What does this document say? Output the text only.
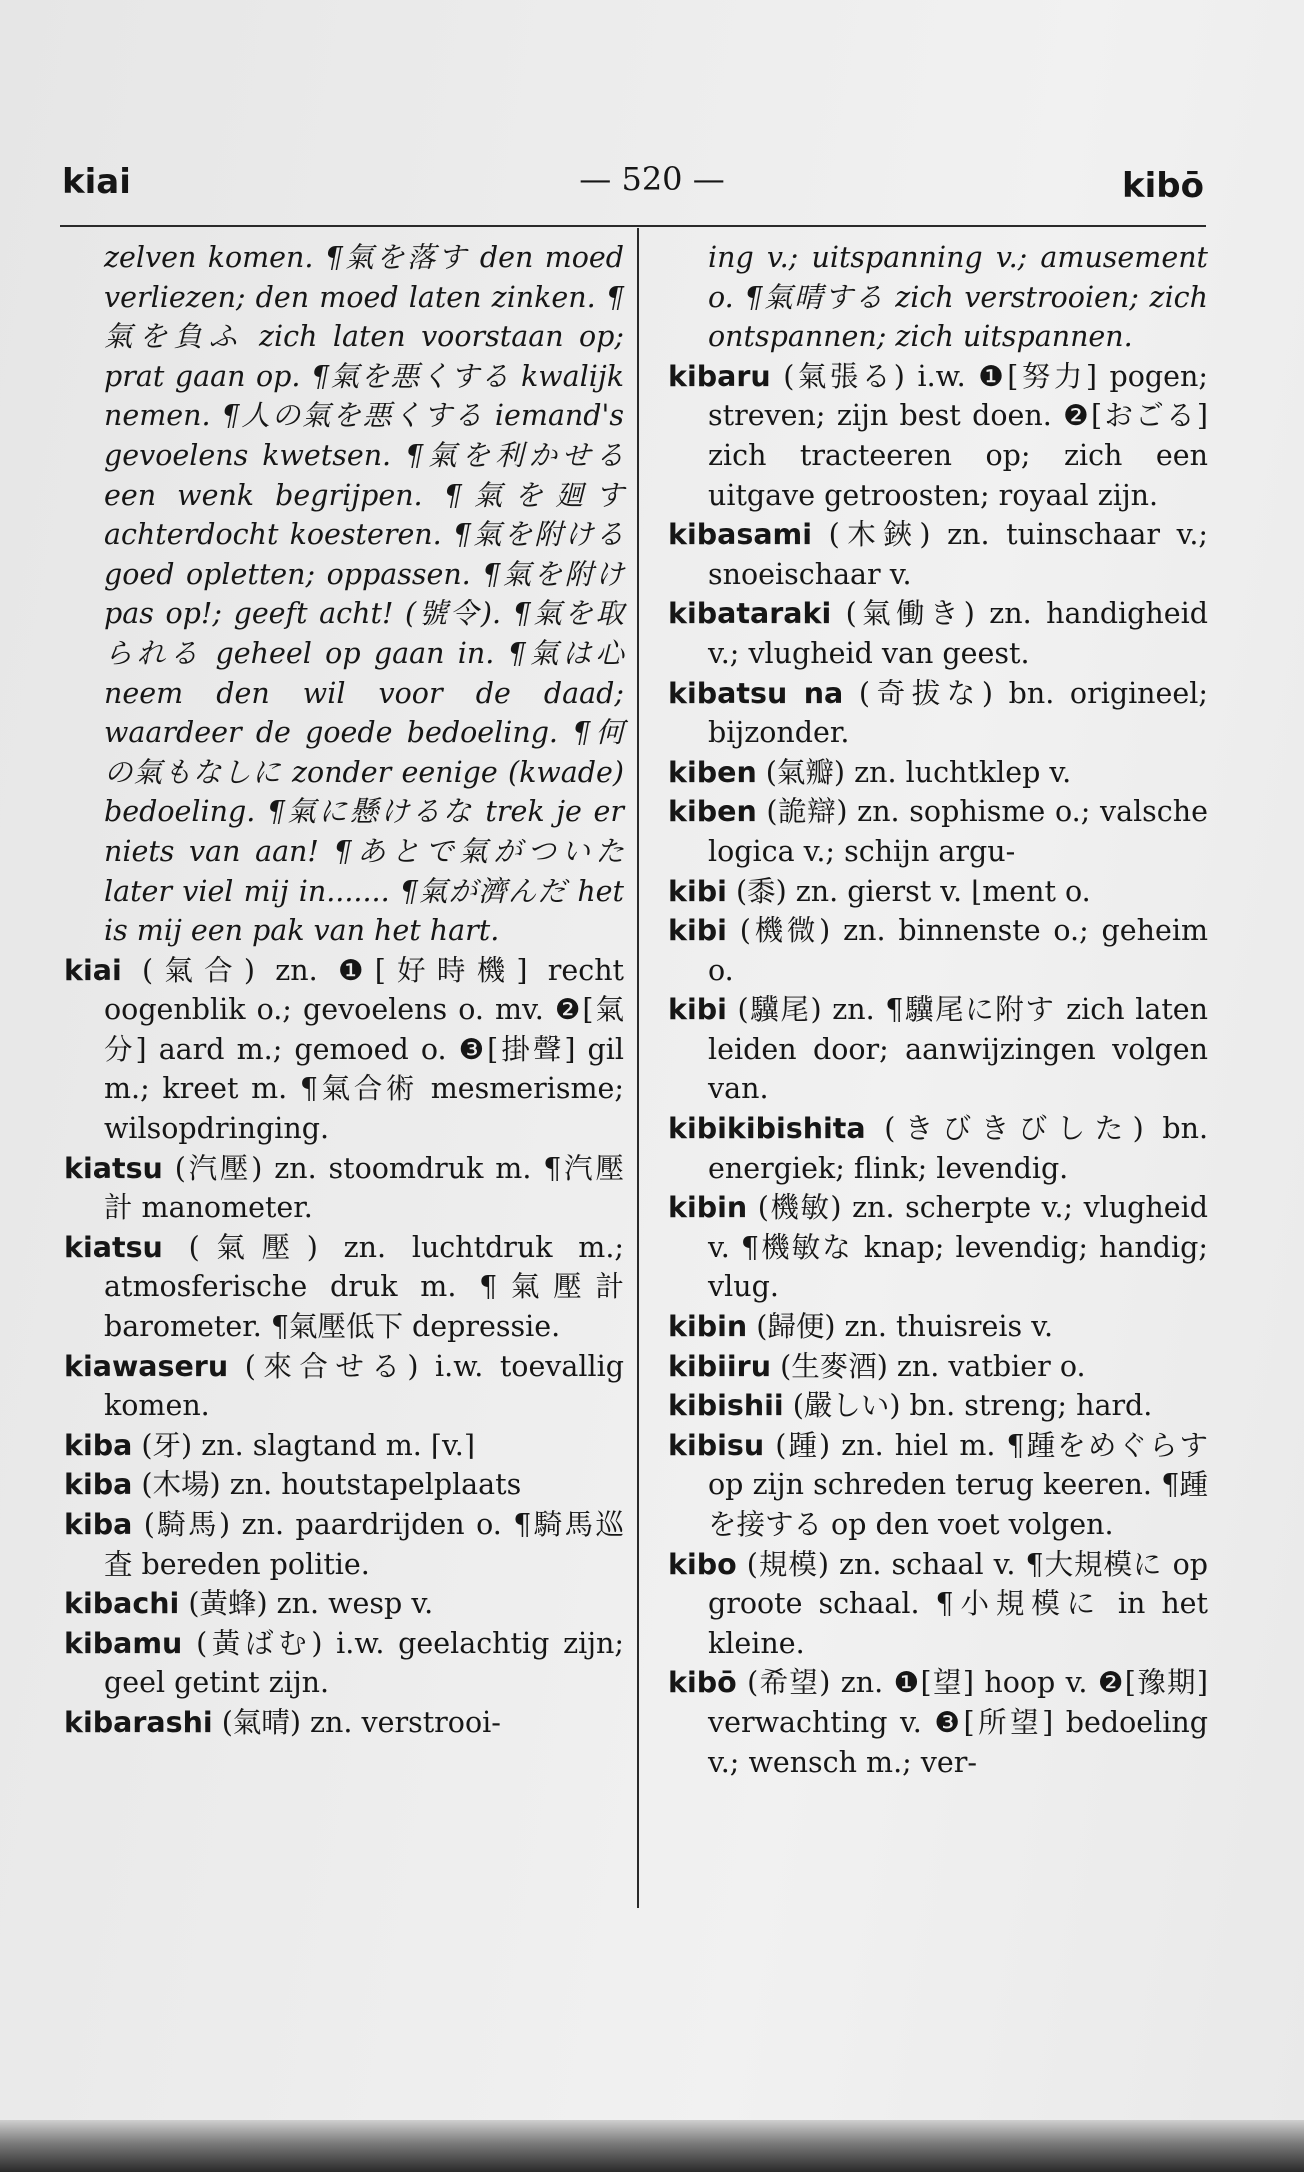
— 520 —
kiai	kibō
zelven komen. ¶氣を落す den moed verliezen; den moed laten zinken. ¶氣を負ふ zich laten voorstaan op; prat gaan op. ¶氣を悪くする kwalijk nemen. ¶人の氣を悪くする iemand's gevoelens kwetsen. ¶氣を利かせる een wenk begrijpen. ¶氣を廻す achterdocht koesteren. ¶氣を附ける goed opletten; oppassen. ¶氣を附け pas op!; geeft acht! (號令). ¶氣を取られる geheel op gaan in. ¶氣は心 neem den wil voor de daad; waardeer de goede bedoeling. ¶何の氣もなしに zonder eenige (kwade) bedoeling. ¶氣に懸けるな trek je er niets van aan! ¶あとで氣がついた later viel mij in....... ¶氣が濟んだ het is mij een pak van het hart.
kiai (氣合) zn. ❶[好時機] recht oogenblik o.; gevoelens o. mv. ❷[氣分] aard m.; gemoed o. ❸[掛聲] gil m.; kreet m. ¶氣合術 mesmerisme; wilsopdringing.
kiatsu (汽壓) zn. stoomdruk m. ¶汽壓計 manometer.
kiatsu (氣壓) zn. luchtdruk m.; atmosferische druk m. ¶氣壓計 barometer. ¶氣壓低下 depressie.
kiawaseru (來合せる) i.w. toevallig komen.
kiba (牙) zn. slagtand m. ⌈v.⌉
kiba (木場) zn. houtstapelplaats
kiba (騎馬) zn. paardrijden o. ¶騎馬巡査 bereden politie.
kibachi (黃蜂) zn. wesp v.
kibamu (黃ばむ) i.w. geelachtig zijn; geel getint zijn.
kibarashi (氣晴) zn. verstrooi-
ing v.; uitspanning v.; amusement o. ¶氣晴する zich verstrooien; zich ontspannen; zich uitspannen.
kibaru (氣張る) i.w. ❶[努力] pogen; streven; zijn best doen. ❷[おごる] zich tracteeren op; zich een uitgave getroosten; royaal zijn.
kibasami (木鋏) zn. tuinschaar v.; snoeischaar v.
kibataraki (氣働き) zn. handigheid v.; vlugheid van geest.
kibatsu na (奇拔な) bn. origineel; bijzonder.
kiben (氣瓣) zn. luchtklep v.
kiben (詭辯) zn. sophisme o.; valsche logica v.; schijn argu-
kibi (黍) zn. gierst v. ⌊ment o.
kibi (機微) zn. binnenste o.; geheim o.
kibi (驥尾) zn. ¶驥尾に附す zich laten leiden door; aanwijzingen volgen van.
kibikibishita (きびきびした) bn. energiek; flink; levendig.
kibin (機敏) zn. scherpte v.; vlugheid v. ¶機敏な knap; levendig; handig; vlug.
kibin (歸便) zn. thuisreis v.
kibiiru (生麥酒) zn. vatbier o.
kibishii (嚴しい) bn. streng; hard.
kibisu (踵) zn. hiel m. ¶踵をめぐらす op zijn schreden terug keeren. ¶踵を接する op den voet volgen.
kibo (規模) zn. schaal v. ¶大規模に op groote schaal. ¶小規模に in het kleine.
kibō (希望) zn. ❶[望] hoop v. ❷[豫期] verwachting v. ❸[所望] bedoeling v.; wensch m.; ver-
